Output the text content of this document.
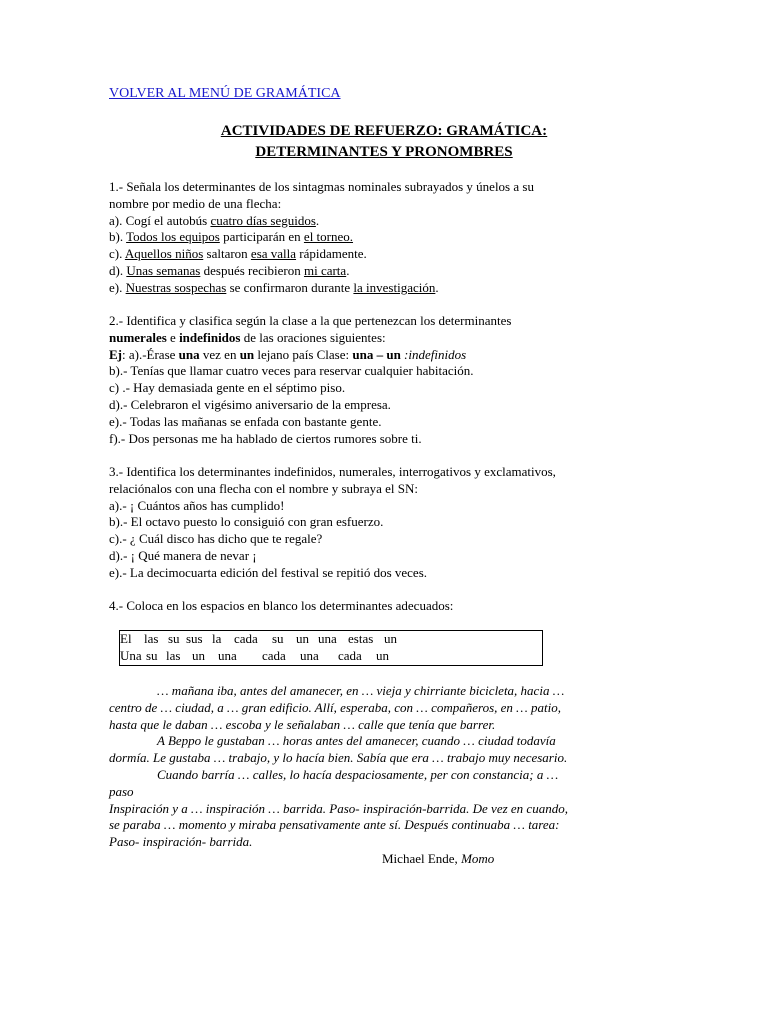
VOLVER AL MENÚ DE GRAMÁTICA
ACTIVIDADES DE REFUERZO: GRAMÁTICA:
DETERMINANTES Y PRONOMBRES
1.- Señala los determinantes de los sintagmas nominales subrayados y únelos a su
nombre por medio de una flecha:
a). Cogí el autobús cuatro días seguidos.
b). Todos los equipos participarán en el torneo.
c). Aquellos niños saltaron esa valla rápidamente.
d). Unas semanas después recibieron mi carta.
e). Nuestras sospechas se confirmaron durante la investigación.
2.- Identifica y clasifica según la clase a la que pertenezcan los determinantes
numerales e indefinidos de las oraciones siguientes:
Ej: a).-Érase una vez en un lejano país Clase: una – un :indefinidos
b).- Tenías que llamar cuatro veces para reservar cualquier habitación.
c) .- Hay demasiada gente en el séptimo piso.
d).- Celebraron el vigésimo aniversario de la empresa.
e).- Todas las mañanas se enfada con bastante gente.
f).- Dos personas me ha hablado de ciertos rumores sobre ti.
3.- Identifica los determinantes indefinidos, numerales, interrogativos y exclamativos,
relaciónalos con una flecha con el nombre y subraya el SN:
a).- ¡ Cuántos años has cumplido!
b).- El octavo puesto lo consiguió con gran esfuerzo.
c).- ¿ Cuál disco has dicho que te regale?
d).- ¡ Qué manera de nevar ¡
e).- La decimocuarta edición del festival se repitió dos veces.
4.- Coloca en los espacios en blanco los determinantes adecuados:
El las su sus la cada su un una estas un
Una su las un una cada una cada un
… mañana iba, antes del amanecer, en … vieja y chirriante bicicleta, hacia …
centro de … ciudad, a … gran edificio. Allí, esperaba, con … compañeros, en … patio,
hasta que le daban … escoba y le señalaban … calle que tenía que barrer.
A Beppo le gustaban … horas antes del amanecer, cuando … ciudad todavía
dormía. Le gustaba … trabajo, y lo hacía bien. Sabía que era … trabajo muy necesario.
Cuando barría … calles, lo hacía despaciosamente, per con constancia; a …
paso
Inspiración y a … inspiración … barrida. Paso- inspiración-barrida. De vez en cuando,
se paraba … momento y miraba pensativamente ante sí. Después continuaba … tarea:
Paso- inspiración- barrida.
Michael Ende, Momo
